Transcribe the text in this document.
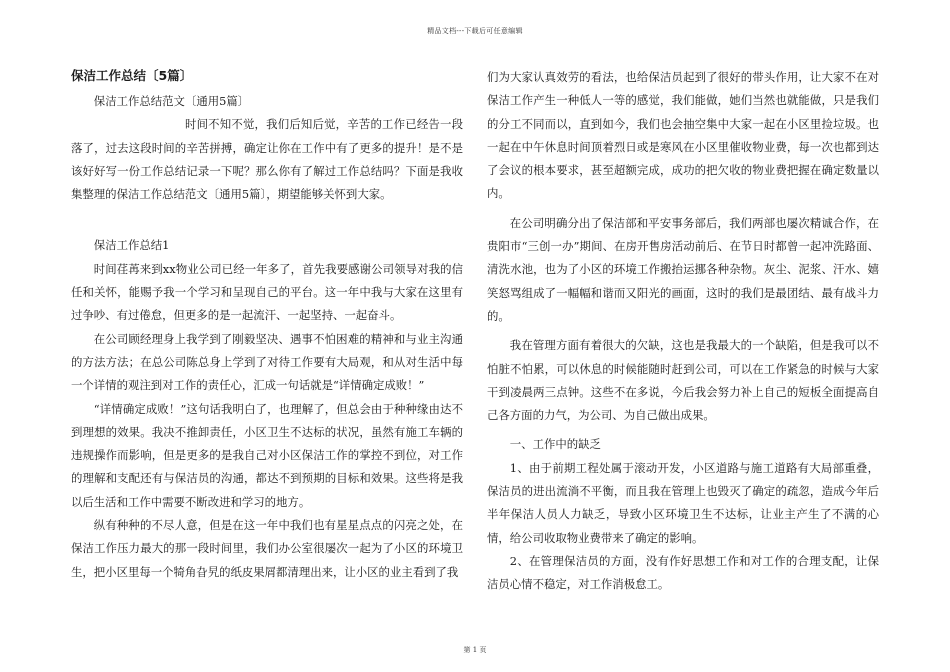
精品文档---下载后可任意编辑

保洁工作总结〔5篇〕

保洁工作总结范文〔通用5篇〕

时间不知不觉，我们后知后觉，辛苦的工作已经告一段落了，过去这段时间的辛苦拼搏，确定让你在工作中有了更多的提升！是不是该好好写一份工作总结记录一下呢？那么你有了解过工作总结吗？下面是我收集整理的保洁工作总结范文〔通用5篇〕，期望能够关怀到大家。

保洁工作总结1

时间荏苒来到xx物业公司已经一年多了，首先我要感谢公司领导对我的信任和关怀，能赐予我一个学习和呈现自己的平台。这一年中我与大家在这里有过争吵、有过倦怠，但更多的是一起流汗、一起坚持、一起奋斗。

在公司顾经理身上我学到了刚毅坚决、遇事不怕困难的精神和与业主沟通的方法方法；在总公司陈总身上学到了对待工作要有大局观，和从对生活中每一个详情的观注到对工作的责任心，汇成一句话就是“详情确定成败！”

“详情确定成败！”这句话我明白了，也理解了，但总会由于种种缘由达不到理想的效果。我决不推卸责任，小区卫生不达标的状况，虽然有施工车辆的违规操作而影响，但是更多的是我自己对小区保洁工作的掌控不到位，对工作的理解和支配还有与保洁员的沟通，都达不到预期的目标和效果。这些将是我以后生活和工作中需要不断改进和学习的地方。

纵有种种的不尽人意，但是在这一年中我们也有星星点点的闪亮之处，在保洁工作压力最大的那一段时间里，我们办公室很屡次一起为了小区的环境卫生，把小区里每一个犄角旮旯的纸皮果屑都清理出来，让小区的业主看到了我

们为大家认真效劳的看法，也给保洁员起到了很好的带头作用，让大家不在对保洁工作产生一种低人一等的感觉，我们能做，她们当然也就能做，只是我们的分工不同而以，直到如今，我们也会抽空集中大家一起在小区里捡垃圾。也一起在中午休息时间顶着烈日或是寒风在小区里催收物业费，每一次也都到达了会议的根本要求，甚至超额完成，成功的把欠收的物业费把握在确定数量以内。

在公司明确分出了保洁部和平安事务部后，我们两部也屡次精诚合作，在贵阳市“三创一办”期间、在房开售房活动前后、在节日时都曾一起冲洗路面、清洗水池，也为了小区的环境工作搬抬运挪各种杂物。灰尘、泥浆、汗水、嬉笑怒骂组成了一幅幅和谐而又阳光的画面，这时的我们是最团结、最有战斗力的。

我在管理方面有着很大的欠缺，这也是我最大的一个缺陷，但是我可以不怕脏不怕累，可以休息的时候能随时赶到公司，可以在工作紧急的时候与大家干到凌晨两三点钟。这些不在多说，今后我会努力补上自己的短板全面提高自己各方面的力气，为公司、为自己做出成果。

一、工作中的缺乏

1、由于前期工程处属于滚动开发，小区道路与施工道路有大局部重叠，保洁员的进出流淌不平衡，而且我在管理上也毁灭了确定的疏忽，造成今年后半年保洁人员人力缺乏，导致小区环境卫生不达标，让业主产生了不满的心情，给公司收取物业费带来了确定的影响。

2、在管理保洁员的方面，没有作好思想工作和对工作的合理支配，让保洁员心情不稳定，对工作消极怠工。

第 1 页
